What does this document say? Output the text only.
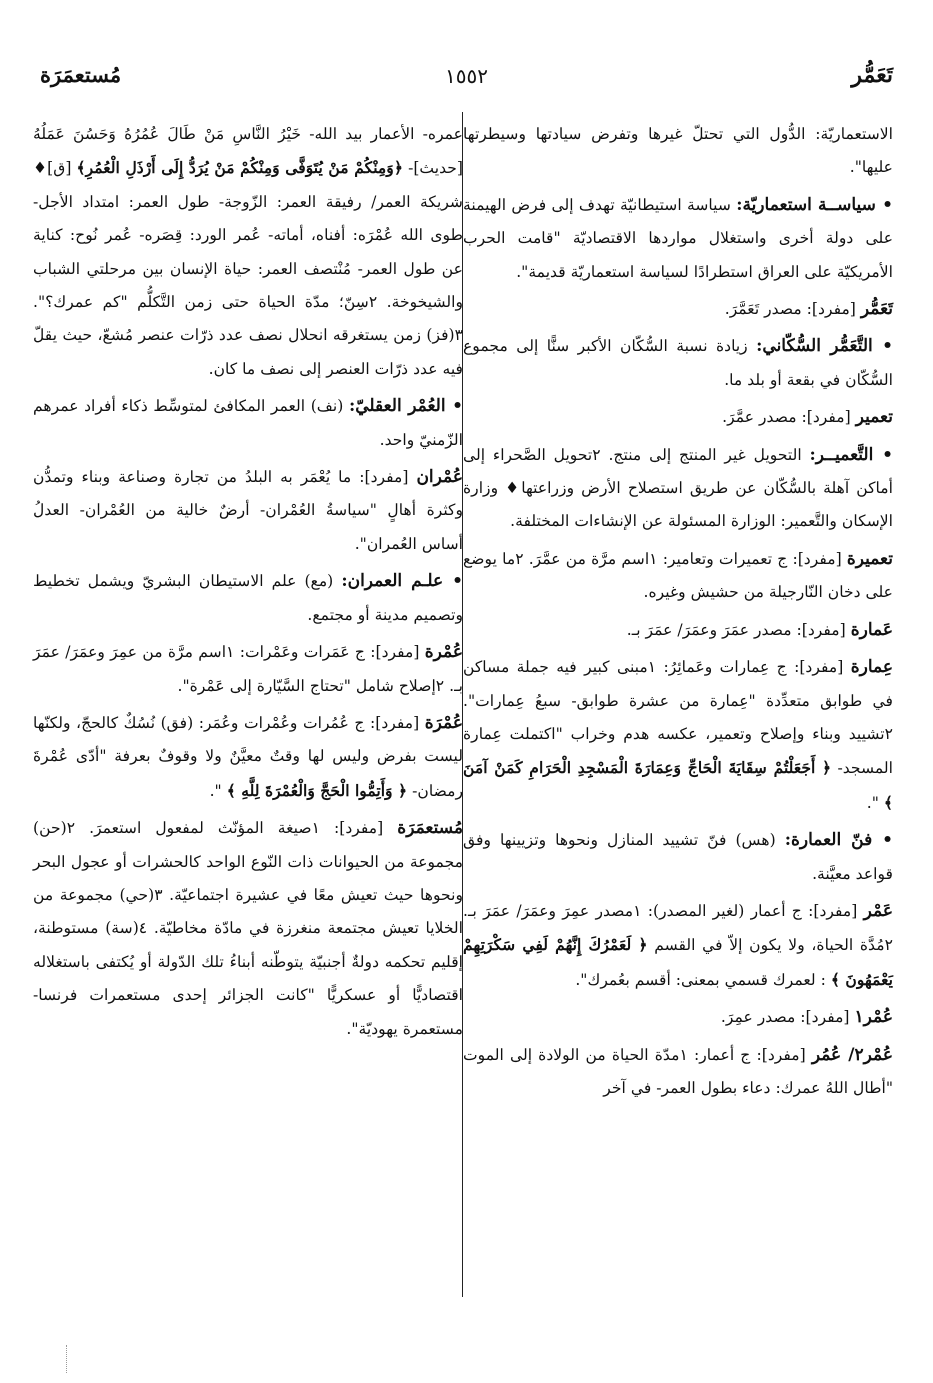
تَعَمُّر
١٥٥٢
مُستعمَرَة

الاستعماريّة: الدُّول التي تحتلّ غيرها وتفرض سيادتها وسيطرتها عليها".

• سياســة استعماريّة: سياسة استيطانيّة تهدف إلى فرض الهيمنة على دولة أخرى واستغلال مواردها الاقتصاديّة "قامت الحرب الأمريكيّة على العراق استطرادًا لسياسة استعماريّة قديمة".

تَعَمُّر [مفرد]: مصدر تَعَمَّرَ.

• التَّعَمُّر السُّكّاني: زيادة نسبة السُّكّان الأكبر سنًّا إلى مجموع السُّكّان في بقعة أو بلد ما.

تعمير [مفرد]: مصدر عمَّرَ.

• التَّعميــر: التحويل غير المنتج إلى منتج. ٢تحويل الصَّحراء إلى أماكن آهلة بالسُّكّان عن طريق استصلاح الأرض وزراعتها♦ وزارة الإسكان والتَّعمير: الوزارة المسئولة عن الإنشاءات المختلفة.

تعميرة [مفرد]: ج تعميرات وتعامير: ١اسم مرَّة من عمَّرَ. ٢ما يوضع على دخان النّارجيلة من حشيش وغيره.

عَمارة [مفرد]: مصدر عمَرَ وعمَرَ/ عمَرَ بـ.

عِمارة [مفرد]: ج عِمارات وعَمائِرُ: ١مبنى كبير فيه جملة مساكن في طوابق متعدِّدة "عِمارة من عشرة طوابق- سبعُ عِمارات". ٢تشييد وبناء وإصلاح وتعمير، عكسه هدم وخراب "اكتملت عِمارة المسجد- ﴿ أَجَعَلْتُمْ سِقَايَةَ الْحَاجِّ وَعِمَارَةَ الْمَسْجِدِ الْحَرَامِ كَمَنْ آمَنَ ﴾ ".

• فنّ العمارة: (هس) فنّ تشييد المنازل ونحوها وتزيينها وفق قواعد معيَّنة.

عَمْر [مفرد]: ج أعمار (لغير المصدر): ١مصدر عمِرَ وعمَرَ/ عمَرَ بـ. ٢مُدَّة الحياة، ولا يكون إلاّ في القسم ﴿ لَعَمْرُكَ إِنَّهُمْ لَفِي سَكْرَتِهِمْ يَعْمَهُونَ ﴾ : لعمرك قسمي بمعنى: أقسم بعُمرك".

عُمْر١ [مفرد]: مصدر عمِرَ.

عُمْر٢/ عُمُر [مفرد]: ج أعمار: ١مدّة الحياة من الولادة إلى الموت "أطال اللهُ عمرك: دعاء بطول العمر- في آخر

عمره- الأعمار بيد الله- خَيْرُ النَّاسِ مَنْ طَالَ عُمُرُهُ وَحَسُنَ عَمَلُهُ [حديث]- ﴿وَمِنْكُمْ مَنْ يُتَوَفَّى وَمِنْكُمْ مَنْ يُرَدُّ إِلَى أَرْذَلِ الْعُمُرِ﴾ [ق]♦ شريكة العمر/ رفيقة العمر: الزّوجة- طول العمر: امتداد الأجل- طوى الله عُمْرَه: أفناه، أماته- عُمر الورد: قِصَره- عُمر نُوح: كناية عن طول العمر- مُنْتصف العمر: حياة الإنسان بين مرحلتي الشباب والشيخوخة. ٢سِنّ؛ مدّة الحياة حتى زمن التَّكلُّم "كم عمرك؟". ٣(فز) زمن يستغرقه انحلال نصف عدد ذرّات عنصر مُشعّ، حيث يقلّ فيه عدد ذرّات العنصر إلى نصف ما كان.

• العُمْر العقليّ: (نف) العمر المكافئ لمتوسِّط ذكاء أفراد عمرهم الزّمنيّ واحد.

عُمْران [مفرد]: ما يُعْمَر به البلدُ من تجارة وصناعة وبناء وتمدُّن وكثرة أهالٍ "سياسةُ العُمْران- أرضٌ خالية من العُمْران- العدلُ أساس العُمران".

• علـم العمران: (مع) علم الاستيطان البشريّ ويشمل تخطيط وتصميم مدينة أو مجتمع.

عُمْرة [مفرد]: ج عَمَرات وعَمْرات: ١اسم مرَّة من عمِرَ وعمَرَ/ عمَرَ بـ. ٢إصلاح شامل "تحتاج السَّيّارة إلى عَمْرة".

عُمْرَة [مفرد]: ج عُمُرات وعُمْرات وعُمَر: (فق) نُسُكٌ كالحجّ، ولكنّها ليست بفرض وليس لها وقتٌ معيَّنٌ ولا وقوفٌ بعرفة "أدّى عُمْرةَ رمضان- ﴿ وَأَتِمُّوا الْحَجَّ وَالْعُمْرَةَ لِلَّهِ ﴾ ".

مُستعمَرَة [مفرد]: ١صيغة المؤنّث لمفعول استعمرَ. ٢(حن) مجموعة من الحيوانات ذات النّوع الواحد كالحشرات أو عجول البحر ونحوها حيث تعيش معًا في عشيرة اجتماعيّة. ٣(حي) مجموعة من الخلايا تعيش مجتمعة منغرزة في مادّة مخاطيّة. ٤(سة) مستوطنة، إقليم تحكمه دولةٌ أجنبيّة يتوطّنه أبناءُ تلك الدّولة أو يُكتفى باستغلاله اقتصاديًّا أو عسكريًّا "كانت الجزائر إحدى مستعمرات فرنسا- مستعمرة يهوديّة".
